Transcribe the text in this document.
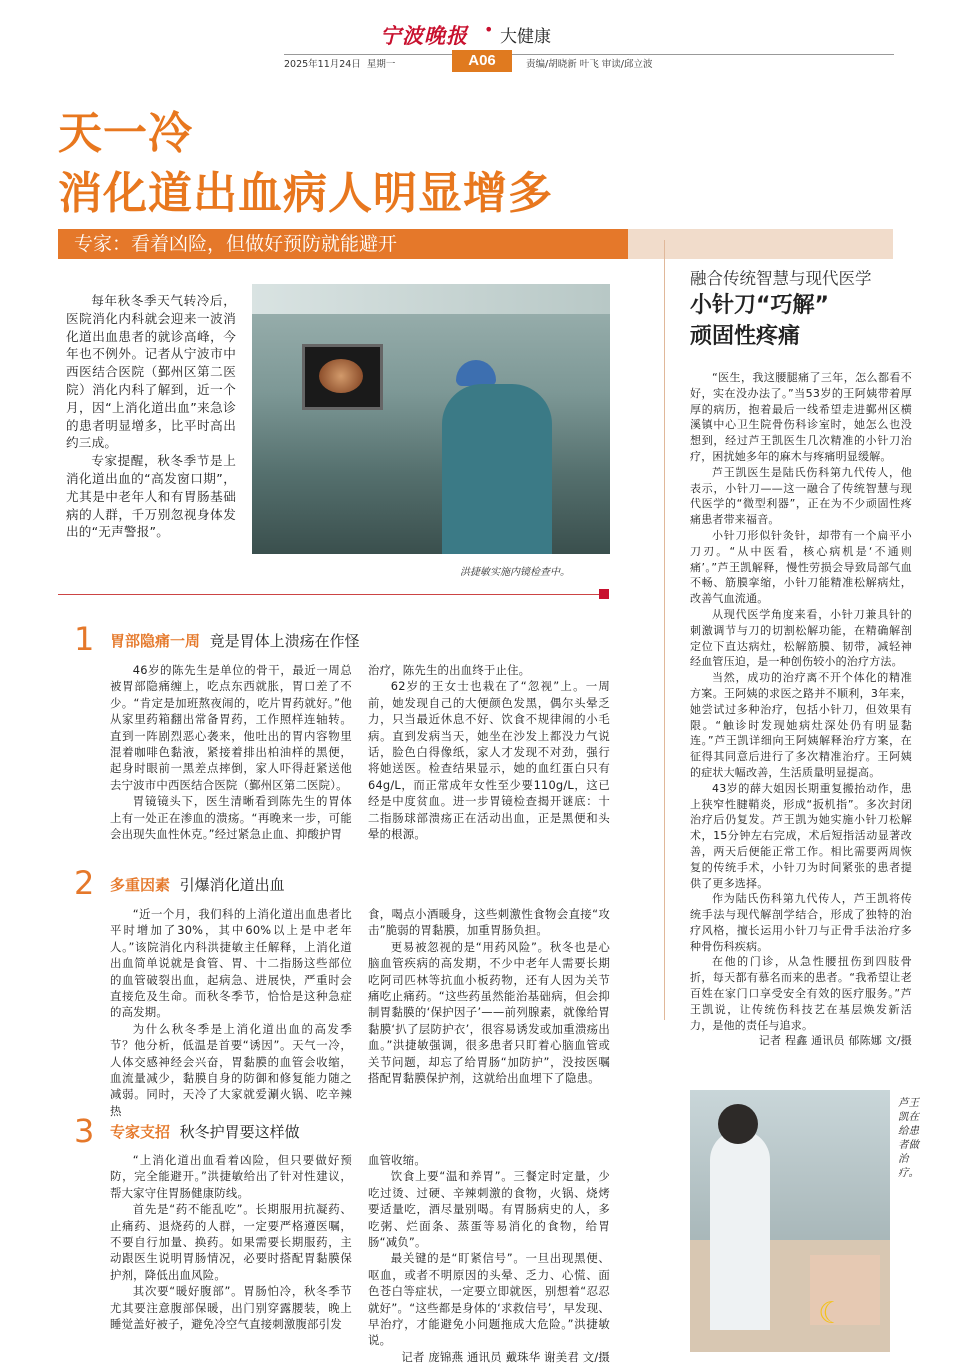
宁波晚报 • 大健康
2025年11月24日 星期一	A06	责编/胡晓新 叶飞 审读/邱立波
天一冷
消化道出血病人明显增多
专家：看着凶险，但做好预防就能避开

每年秋冬季天气转冷后，医院消化内科就会迎来一波消化道出血患者的就诊高峰，今年也不例外。记者从宁波市中西医结合医院（鄞州区第二医院）消化内科了解到，近一个月，因“上消化道出血”来急诊的患者明显增多，比平时高出约三成。

专家提醒，秋冬季节是上消化道出血的“高发窗口期”，尤其是中老年人和有胃肠基础病的人群，千万别忽视身体发出的“无声警报”。

洪捷敏实施内镜检查中。
1 胃部隐痛一周 竟是胃体上溃疡在作怪

46岁的陈先生是单位的骨干，最近一周总被胃部隐痛缠上，吃点东西就胀，胃口差了不少。“肯定是加班熬夜闹的，吃片胃药就好。”他从家里药箱翻出常备胃药，工作照样连轴转。直到一阵剧烈恶心袭来，他吐出的胃内容物里混着咖啡色黏液，紧接着排出柏油样的黑便，起身时眼前一黑差点摔倒，家人吓得赶紧送他去宁波市中西医结合医院（鄞州区第二医院）。

胃镜镜头下，医生清晰看到陈先生的胃体上有一处正在渗血的溃疡。“再晚来一步，可能会出现失血性休克。”经过紧急止血、抑酸护胃

治疗，陈先生的出血终于止住。

62岁的王女士也栽在了“忽视”上。一周前，她发现自己的大便颜色发黑，偶尔头晕乏力，只当最近休息不好、饮食不规律闹的小毛病。直到发病当天，她坐在沙发上都没力气说话，脸色白得像纸，家人才发现不对劲，强行将她送医。检查结果显示，她的血红蛋白只有64g/L，而正常成年女性至少要110g/L，这已经是中度贫血。进一步胃镜检查揭开谜底：十二指肠球部溃疡正在活动出血，正是黑便和头晕的根源。

2 多重因素 引爆消化道出血

“近一个月，我们科的上消化道出血患者比平时增加了30%，其中60%以上是中老年人。”该院消化内科洪捷敏主任解释，上消化道出血简单说就是食管、胃、十二指肠这些部位的血管破裂出血，起病急、进展快，严重时会直接危及生命。而秋冬季节，恰恰是这种急症的高发期。

为什么秋冬季是上消化道出血的高发季节？他分析，低温是首要“诱因”。天气一冷，人体交感神经会兴奋，胃黏膜的血管会收缩，血流量减少，黏膜自身的防御和修复能力随之减弱。同时，天冷了大家就爱涮火锅、吃辛辣热

食，喝点小酒暖身，这些刺激性食物会直接“攻击”脆弱的胃黏膜，加重胃肠负担。

更易被忽视的是“用药风险”。秋冬也是心脑血管疾病的高发期，不少中老年人需要长期吃阿司匹林等抗血小板药物，还有人因为关节痛吃止痛药。“这些药虽然能治基础病，但会抑制胃黏膜的‘保护因子’——前列腺素，就像给胃黏膜‘扒了层防护衣’，很容易诱发或加重溃疡出血。”洪捷敏强调，很多患者只盯着心脑血管或关节问题，却忘了给胃肠“加防护”，没按医嘱搭配胃黏膜保护剂，这就给出血埋下了隐患。

3 专家支招 秋冬护胃要这样做

“上消化道出血看着凶险，但只要做好预防，完全能避开。”洪捷敏给出了针对性建议，帮大家守住胃肠健康防线。

首先是“药不能乱吃”。长期服用抗凝药、止痛药、退烧药的人群，一定要严格遵医嘱，不要自行加量、换药。如果需要长期服药，主动跟医生说明胃肠情况，必要时搭配胃黏膜保护剂，降低出血风险。

其次要“暖好腹部”。胃肠怕冷，秋冬季节尤其要注意腹部保暖，出门别穿露腰装，晚上睡觉盖好被子，避免冷空气直接刺激腹部引发

血管收缩。

饮食上要“温和养胃”。三餐定时定量，少吃过烫、过硬、辛辣刺激的食物，火锅、烧烤要适量吃，酒尽量别喝。有胃肠病史的人，多吃粥、烂面条、蒸蛋等易消化的食物，给胃肠“减负”。

最关键的是“盯紧信号”。一旦出现黑便、呕血，或者不明原因的头晕、乏力、心慌、面色苍白等症状，一定要立即就医，别想着“忍忍就好”。“这些都是身体的‘求救信号’，早发现、早治疗，才能避免小问题拖成大危险。”洪捷敏说。

记者 庞锦燕 通讯员 戴珠华 谢美君 文/摄

融合传统智慧与现代医学
小针刀“巧解”
顽固性疼痛

“医生，我这腰腿痛了三年，怎么都看不好，实在没办法了。”当53岁的王阿姨带着厚厚的病历，抱着最后一线希望走进鄞州区横溪镇中心卫生院骨伤科诊室时，她怎么也没想到，经过芦王凯医生几次精准的小针刀治疗，困扰她多年的麻木与疼痛明显缓解。

芦王凯医生是陆氏伤科第九代传人，他表示，小针刀——这一融合了传统智慧与现代医学的“微型利器”，正在为不少顽固性疼痛患者带来福音。

小针刀形似针灸针，却带有一个扁平小刀刃。“从中医看，核心病机是‘不通则痛’。”芦王凯解释，慢性劳损会导致局部气血不畅、筋膜挛缩，小针刀能精准松解病灶，改善气血流通。

从现代医学角度来看，小针刀兼具针的刺激调节与刀的切割松解功能，在精确解剖定位下直达病灶，松解筋膜、韧带，减轻神经血管压迫，是一种创伤较小的治疗方法。

当然，成功的治疗离不开个体化的精准方案。王阿姨的求医之路并不顺利，3年来，她尝试过多种治疗，包括小针刀，但效果有限。“触诊时发现她病灶深处仍有明显黏连。”芦王凯详细向王阿姨解释治疗方案，在征得其同意后进行了多次精准治疗。王阿姨的症状大幅改善，生活质量明显提高。

43岁的薛大姐因长期重复搬抬动作，患上狭窄性腱鞘炎，形成“扳机指”。多次封闭治疗后仍复发。芦王凯为她实施小针刀松解术，15分钟左右完成，术后短指活动显著改善，两天后便能正常工作。相比需要两周恢复的传统手术，小针刀为时间紧张的患者提供了更多选择。

作为陆氏伤科第九代传人，芦王凯将传统手法与现代解剖学结合，形成了独特的治疗风格，擅长运用小针刀与正骨手法治疗多种骨伤科疾病。

在他的门诊，从急性腰扭伤到四肢骨折，每天都有慕名而来的患者。“我希望让老百姓在家门口享受安全有效的医疗服务。”芦王凯说，让传统伤科技艺在基层焕发新活力，是他的责任与追求。

记者 程鑫 通讯员 郁陈娜 文/摄

☾
芦王凯在给患者做治疗。
